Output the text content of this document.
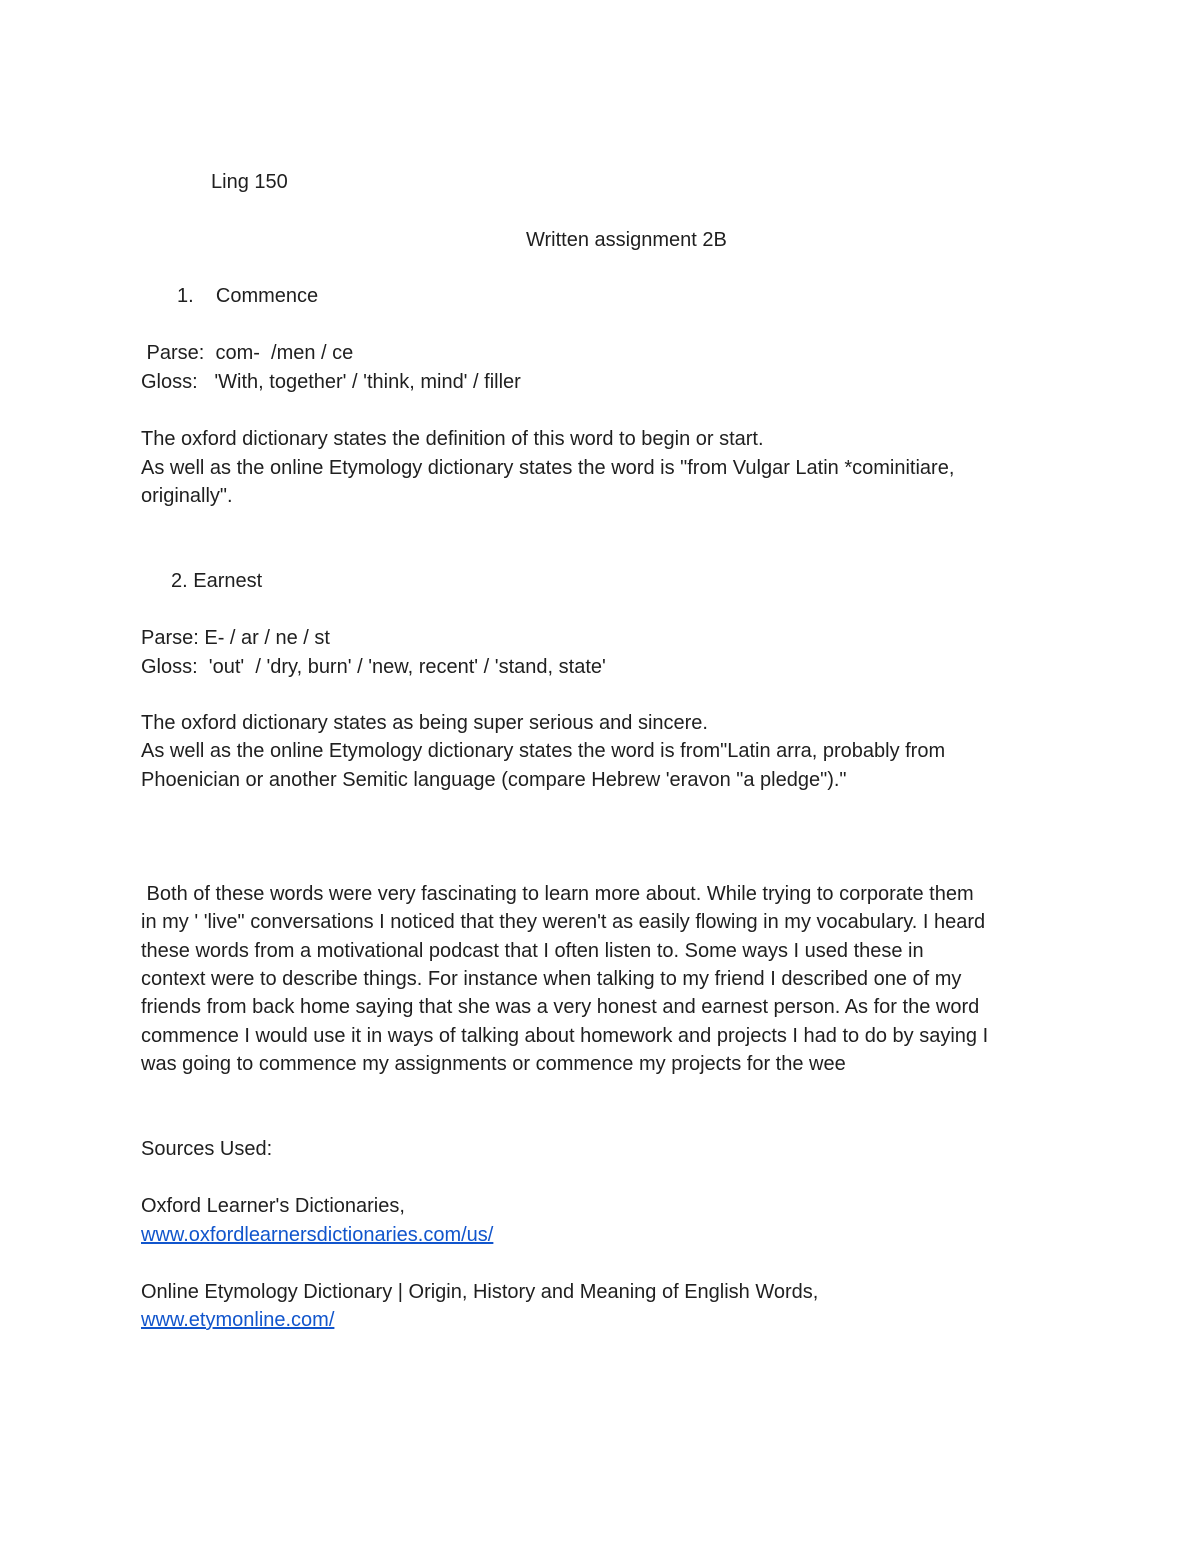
Ling 150
Written assignment 2B
1.    Commence
Parse:  com-  /men / ce
Gloss:   'With, together' / 'think, mind' / filler
The oxford dictionary states the definition of this word to begin or start.
As well as the online Etymology dictionary states the word is "from Vulgar Latin *cominitiare,
originally".
2. Earnest
Parse: E- / ar / ne / st
Gloss:  'out'  / 'dry, burn' / 'new, recent' / 'stand, state'
The oxford dictionary states as being super serious and sincere.
As well as the online Etymology dictionary states the word is from"Latin arra, probably from
Phoenician or another Semitic language (compare Hebrew 'eravon "a pledge")."
Both of these words were very fascinating to learn more about. While trying to corporate them
in my ' 'live" conversations I noticed that they weren't as easily flowing in my vocabulary. I heard
these words from a motivational podcast that I often listen to. Some ways I used these in
context were to describe things. For instance when talking to my friend I described one of my
friends from back home saying that she was a very honest and earnest person. As for the word
commence I would use it in ways of talking about homework and projects I had to do by saying I
was going to commence my assignments or commence my projects for the wee
Sources Used:
Oxford Learner's Dictionaries,
www.oxfordlearnersdictionaries.com/us/
Online Etymology Dictionary | Origin, History and Meaning of English Words,
www.etymonline.com/
